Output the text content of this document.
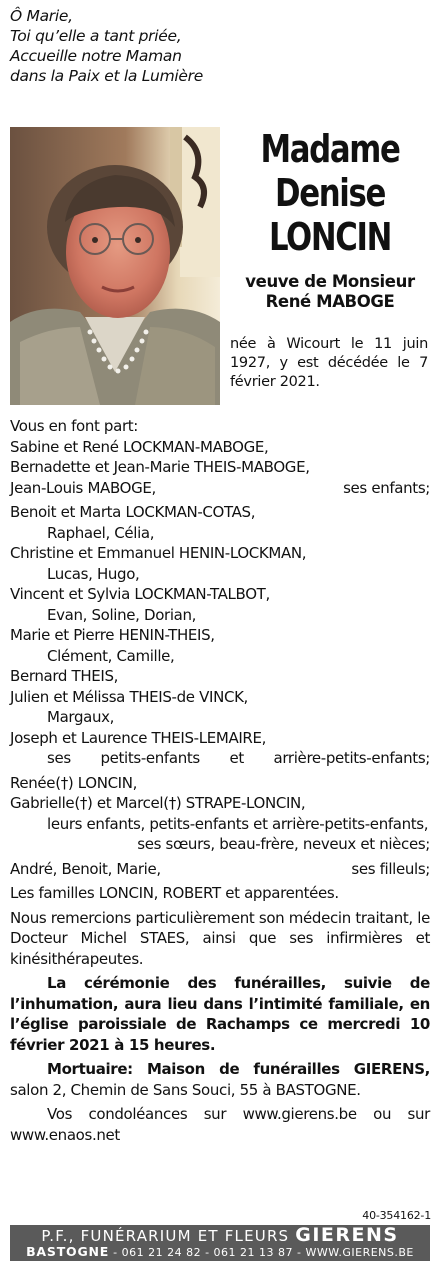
Ô Marie,
Toi qu’elle a tant priée,
Accueille notre Maman
dans la Paix et la Lumière
Madame
Denise
LONCIN
veuve de Monsieur
René MABOGE
née à Wicourt le 11 juin 1927, y est décédée le 7 février 2021.
Vous en font part:
Sabine et René LOCKMAN-MABOGE,
Bernadette et Jean-Marie THEIS-MABOGE,
Jean-Louis MABOGE,	ses enfants;
Benoit et Marta LOCKMAN-COTAS,
Raphael, Célia,
Christine et Emmanuel HENIN-LOCKMAN,
Lucas, Hugo,
Vincent et Sylvia LOCKMAN-TALBOT,
Evan, Soline, Dorian,
Marie et Pierre HENIN-THEIS,
Clément, Camille,
Bernard THEIS,
Julien et Mélissa THEIS-de VINCK,
Margaux,
Joseph et Laurence THEIS-LEMAIRE,
ses petits-enfants et arrière-petits-enfants;
Renée(†) LONCIN,
Gabrielle(†) et Marcel(†) STRAPE-LONCIN,
leurs enfants, petits-enfants et arrière-petits-enfants,
ses sœurs, beau-frère, neveux et nièces;
André, Benoit, Marie,	ses filleuls;
Les familles LONCIN, ROBERT et apparentées.
Nous remercions particulièrement son médecin traitant, le Docteur Michel STAES, ainsi que ses infirmières et kinésithérapeutes.
La cérémonie des funérailles, suivie de l’inhumation, aura lieu dans l’intimité familiale, en l’église paroissiale de Rachamps ce mercredi 10 février 2021 à 15 heures.
Mortuaire: Maison de funérailles GIERENS, salon 2, Chemin de Sans Souci, 55 à BASTOGNE.
Vos condoléances sur www.gierens.be ou sur www.enaos.net
40-354162-1
P.F., FUNÉRARIUM ET FLEURS GIERENS
BASTOGNE - 061 21 24 82 - 061 21 13 87 - WWW.GIERENS.BE
